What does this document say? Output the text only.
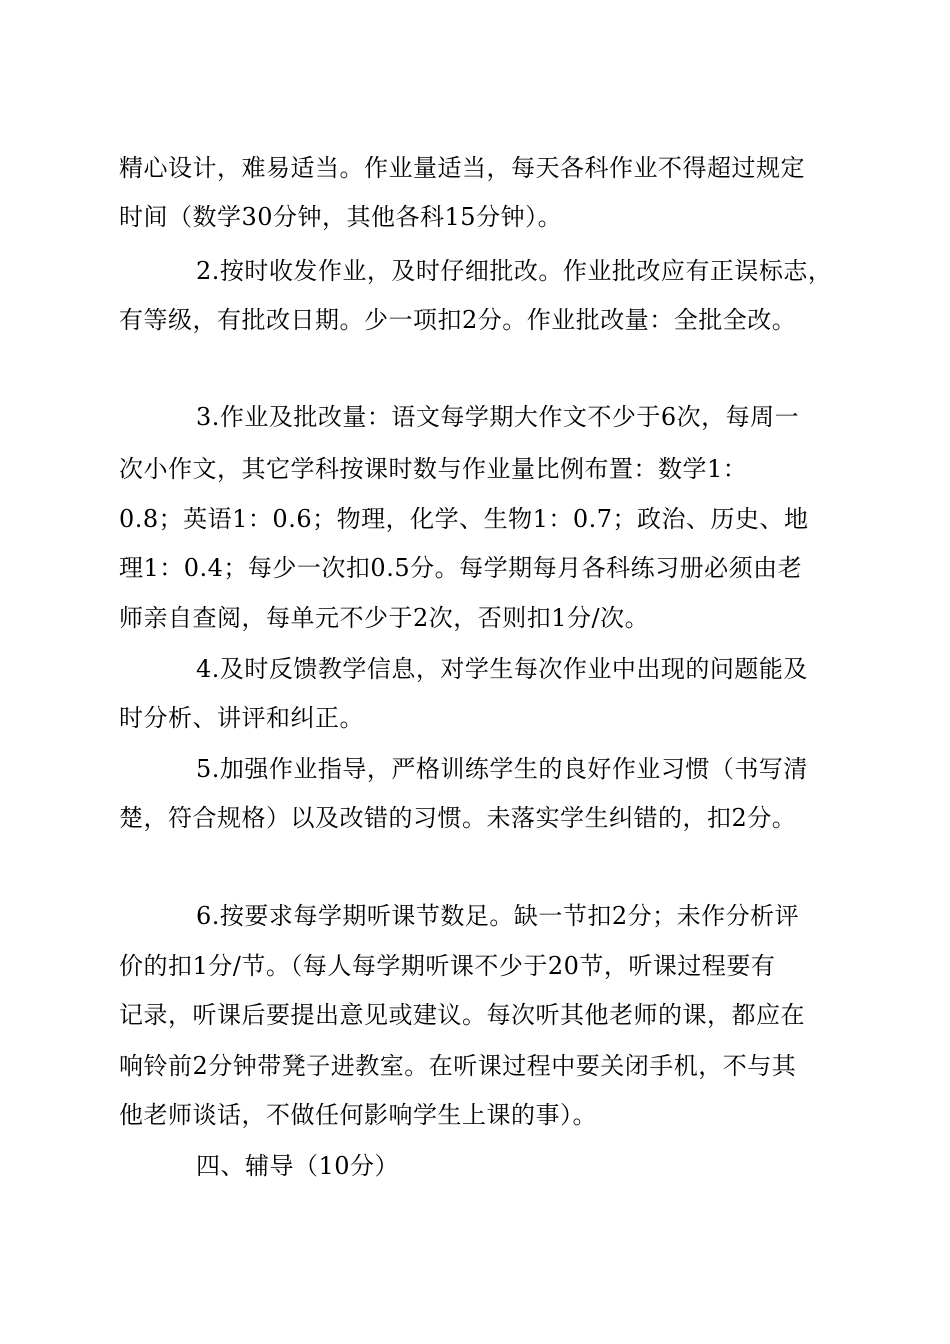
精心设计，难易适当。作业量适当，每天各科作业不得超过规定
时间（数学30分钟，其他各科15分钟）。
2.按时收发作业，及时仔细批改。作业批改应有正误标志，
有等级，有批改日期。少一项扣2分。作业批改量：全批全改。
3.作业及批改量：语文每学期大作文不少于6次，每周一
次小作文，其它学科按课时数与作业量比例布置：数学1：
0.8；英语1：0.6；物理，化学、生物1：0.7；政治、历史、地
理1：0.4；每少一次扣0.5分。每学期每月各科练习册必须由老
师亲自查阅，每单元不少于2次，否则扣1分/次。
4.及时反馈教学信息，对学生每次作业中出现的问题能及
时分析、讲评和纠正。
5.加强作业指导，严格训练学生的良好作业习惯（书写清
楚，符合规格）以及改错的习惯。未落实学生纠错的，扣2分。
6.按要求每学期听课节数足。缺一节扣2分；未作分析评
价的扣1分/节。（每人每学期听课不少于20节，听课过程要有
记录，听课后要提出意见或建议。每次听其他老师的课，都应在
响铃前2分钟带凳子进教室。在听课过程中要关闭手机，不与其
他老师谈话，不做任何影响学生上课的事）。
四、辅导（10分）
